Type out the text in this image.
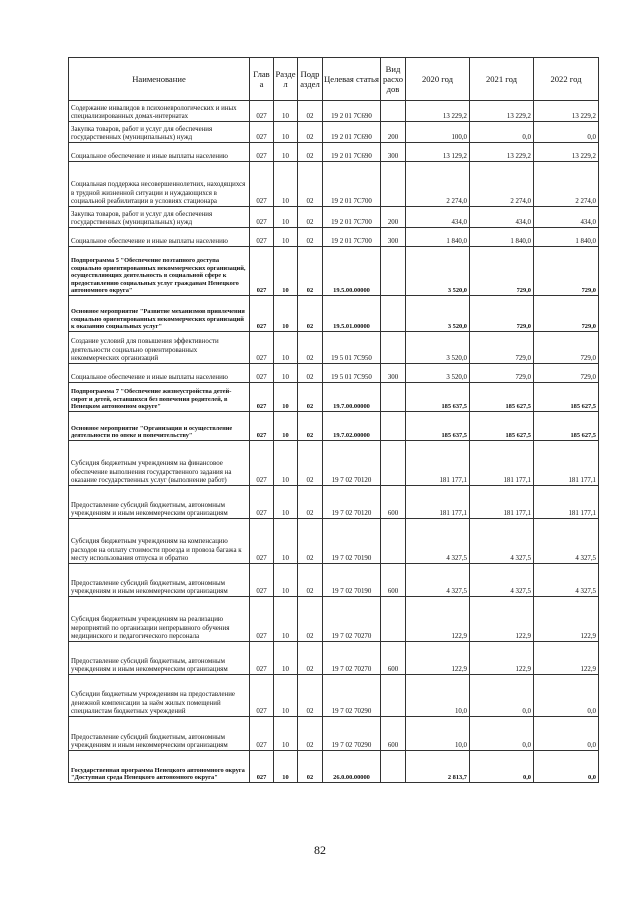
Наименование	Глав а	Разде л	Подр аздел	Целевая статья	Вид расхо дов	2020 год	2021 год	2022 год
Содержание инвалидов в психоневрологических и иных специализированных домах-интернатах	027	10	02	19 2 01 7С690		13 229,2	13 229,2	13 229,2
Закупка товаров, работ и услуг для обеспечения государственных (муниципальных) нужд	027	10	02	19 2 01 7С690	200	100,0	0,0	0,0
Социальное обеспечение и иные выплаты населению	027	10	02	19 2 01 7С690	300	13 129,2	13 229,2	13 229,2
Социальная поддержка несовершеннолетних, находящихся в трудной жизненной ситуации и нуждающихся в социальной реабилитации в условиях стационара	027	10	02	19 2 01 7С700		2 274,0	2 274,0	2 274,0
Закупка товаров, работ и услуг для обеспечения государственных (муниципальных) нужд	027	10	02	19 2 01 7С700	200	434,0	434,0	434,0
Социальное обеспечение и иные выплаты населению	027	10	02	19 2 01 7С700	300	1 840,0	1 840,0	1 840,0
Подпрограмма 5 "Обеспечение поэтапного доступа социально ориентированных некоммерческих организаций, осуществляющих деятельность в социальной сфере к предоставлению социальных услуг гражданам Ненецкого автономного округа"	027	10	02	19.5.00.00000		3 520,0	729,0	729,0
Основное мероприятие "Развитие механизмов привлечения социально ориентированных некоммерческих организаций к оказанию социальных услуг"	027	10	02	19.5.01.00000		3 520,0	729,0	729,0
Создание условий для повышения эффективности деятельности социально ориентированных некоммерческих организаций	027	10	02	19 5 01 7С950		3 520,0	729,0	729,0
Социальное обеспечение и иные выплаты населению	027	10	02	19 5 01 7С950	300	3 520,0	729,0	729,0
Подпрограмма 7 "Обеспечение жизнеустройства детей-сирот и детей, оставшихся без попечения родителей, в Ненецком автономном округе"	027	10	02	19.7.00.00000		185 637,5	185 627,5	185 627,5
Основное мероприятие "Организация и осуществление деятельности по опеке и попечительству"	027	10	02	19.7.02.00000		185 637,5	185 627,5	185 627,5
Субсидия бюджетным учреждениям на финансовое обеспечение выполнения государственного задания на оказание государственных услуг (выполнение работ)	027	10	02	19 7 02 70120		181 177,1	181 177,1	181 177,1
Предоставление субсидий бюджетным, автономным учреждениям и иным некоммерческим организациям	027	10	02	19 7 02 70120	600	181 177,1	181 177,1	181 177,1
Субсидия бюджетным учреждениям на компенсацию расходов на оплату стоимости проезда и провоза багажа к месту использования отпуска и обратно	027	10	02	19 7 02 70190		4 327,5	4 327,5	4 327,5
Предоставление субсидий бюджетным, автономным учреждениям и иным некоммерческим организациям	027	10	02	19 7 02 70190	600	4 327,5	4 327,5	4 327,5
Субсидия бюджетным учреждениям на реализацию мероприятий по организации непрерывного обучения медицинского и педагогического персонала	027	10	02	19 7 02 70270		122,9	122,9	122,9
Предоставление субсидий бюджетным, автономным учреждениям и иным некоммерческим организациям	027	10	02	19 7 02 70270	600	122,9	122,9	122,9
Субсидии бюджетным учреждениям на предоставление денежной компенсации за наём жилых помещений специалистам бюджетных учреждений	027	10	02	19 7 02 70290		10,0	0,0	0,0
Предоставление субсидий бюджетным, автономным учреждениям и иным некоммерческим организациям	027	10	02	19 7 02 70290	600	10,0	0,0	0,0
Государственная программа Ненецкого автономного округа "Доступная среда Ненецкого автономного округа"	027	10	02	26.0.00.00000		2 813,7	0,0	0,0
82
